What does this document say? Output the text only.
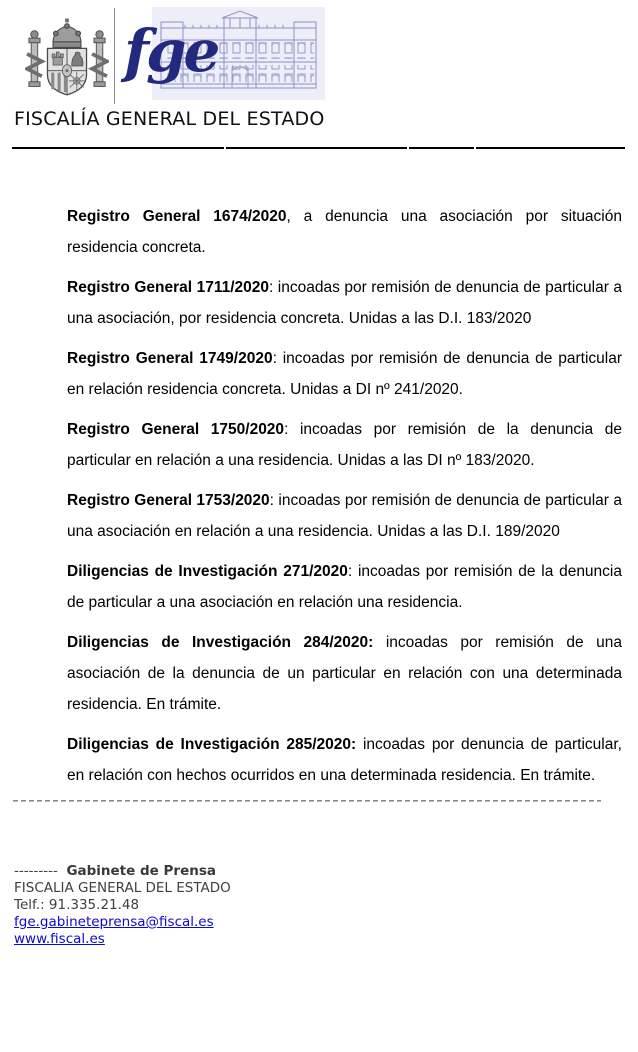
fge
FISCALÍA GENERAL DEL ESTADO

Registro General 1674/2020, a denuncia una asociación por situación residencia concreta.

Registro General 1711/2020: incoadas por remisión de denuncia de particular a una asociación, por residencia concreta. Unidas a las D.I. 183/2020

Registro General 1749/2020: incoadas por remisión de denuncia de particular en relación residencia concreta. Unidas a DI nº 241/2020.

Registro General 1750/2020: incoadas por remisión de la denuncia de particular en relación a una residencia. Unidas a las DI nº 183/2020.

Registro General 1753/2020: incoadas por remisión de denuncia de particular a una asociación en relación a una residencia. Unidas a las D.I. 189/2020

Diligencias de Investigación 271/2020: incoadas por remisión de la denuncia de particular a una asociación en relación una residencia.

Diligencias de Investigación 284/2020: incoadas por remisión de una asociación de la denuncia de un particular en relación con una determinada residencia. En trámite.

Diligencias de Investigación 285/2020: incoadas por denuncia de particular, en relación con hechos ocurridos en una determinada residencia. En trámite.

---------  Gabinete de Prensa
FISCALIA GENERAL DEL ESTADO
Telf.: 91.335.21.48
fge.gabineteprensa@fiscal.es
www.fiscal.es
